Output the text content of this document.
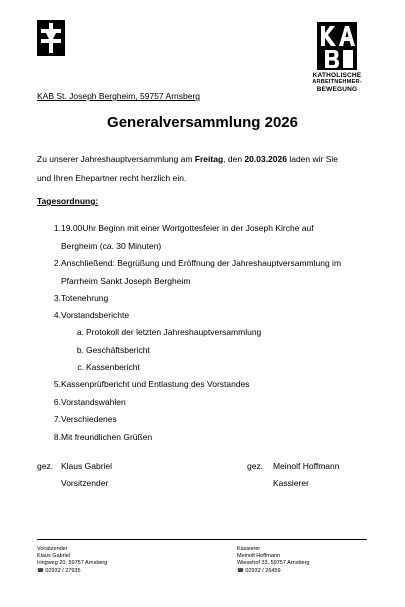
KATHOLISCHE
ARBEITNEHMER-
BEWEGUNG
KAB St. Joseph Bergheim, 59757 Arnsberg
Generalversammlung 2026
Zu unserer Jahreshauptversammlung am Freitag, den 20.03.2026 laden wir Sie
und Ihren Ehepartner recht herzlich ein.
Tagesordnung:
1. 19.00Uhr Beginn mit einer Wortgottesfeier in der Joseph Kirche auf
Bergheim (ca. 30 Minuten)
2. Anschließend: Begrüßung und Eröffnung der Jahreshauptversammlung im
Pfarrheim Sankt Joseph Bergheim
3. Totenehrung
4. Vorstandsberichte
a. Protokoll der letzten Jahreshauptversammlung
b. Geschäftsbericht
c. Kassenbericht
5. Kassenprüfbericht und Entlastung des Vorstandes
6. Vorstandswahlen
7. Verschiedenes
8. Mit freundlichen Grüßen
gez. Klaus Gabriel
Vorsitzender
gez. Meinolf Hoffmann
Kassierer
Vorsitzender
Klaus Gabriel
Iringweg 20, 59757 Arnsberg
☎ 02932 / 27935
Kassierer
Meinolf Hoffmann
Wiesehof 33, 59757 Arnsberg
☎ 02932 / 26459
